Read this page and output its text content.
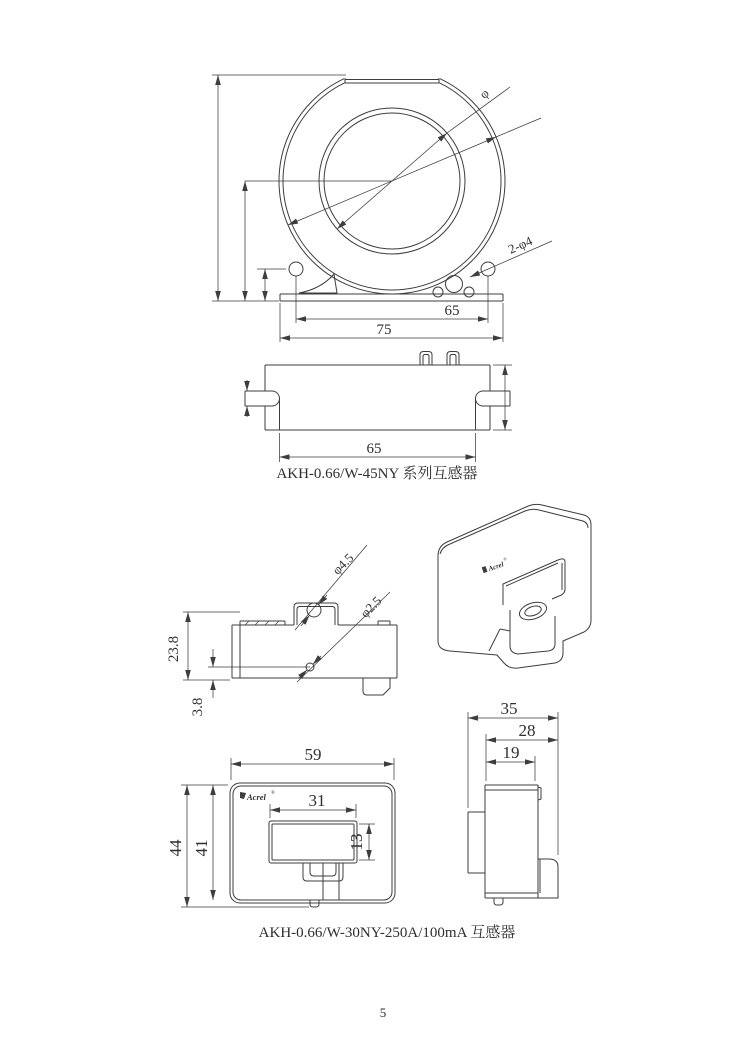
φ
2-φ4
65
75
65
AKH-0.66/W-45NY 系列互感器
φ4.5
φ2.5
23.8
3.8
Acrel
®
Acrel ®
59
44 41
31
13
35
28
19
AKH-0.66/W-30NY-250A/100mA 互感器
5
